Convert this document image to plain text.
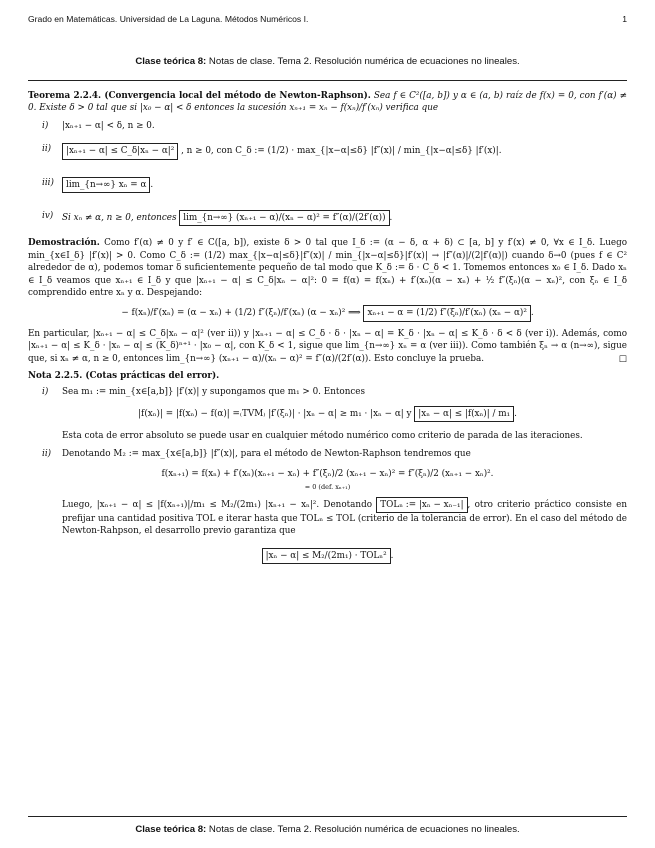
Grado en Matemáticas. Universidad de La Laguna. Métodos Numéricos I.	1
Clase teórica 8: Notas de clase. Tema 2. Resolución numérica de ecuaciones no lineales.

Teorema 2.2.4. (Convergencia local del método de Newton-Raphson). Sea f ∈ C²([a, b]) y α ∈ (a, b) raíz de f(x) = 0, con f′(α) ≠ 0. Existe δ > 0 tal que si |x₀ − α| < δ entonces la sucesión xₙ₊₁ = xₙ − f(xₙ)/f′(xₙ) verifica que

i) |xₙ₊₁ − α| < δ, n ≥ 0.
ii) |xₙ₊₁ − α| ≤ C_δ|xₙ − α|² , n ≥ 0, con C_δ := (1/2) · max_{|x−α|≤δ} |f″(x)| / min_{|x−α|≤δ} |f′(x)|.
iii) lim_{n→∞} xₙ = α .
iv) Si xₙ ≠ α, n ≥ 0, entonces lim_{n→∞} (xₙ₊₁ − α)/(xₙ − α)² = f″(α)/(2f′(α)) .

Demostración. Como f′(α) ≠ 0 y f′ ∈ C([a, b]), existe δ > 0 tal que I_δ := (α − δ, α + δ) ⊂ [a, b] y f′(x) ≠ 0, ∀x ∈ I_δ. Luego min_{x∈I_δ} |f′(x)| > 0. Como C_δ := (1/2) max_{|x−α|≤δ}|f″(x)| / min_{|x−α|≤δ}|f′(x)| → |f″(α)|/(2|f′(α)|) cuando δ→0 (pues f ∈ C² alrededor de α), podemos tomar δ suficientemente pequeño de tal modo que K_δ := δ · C_δ < 1. Tomemos entonces x₀ ∈ I_δ. Dado xₙ ∈ I_δ veamos que xₙ₊₁ ∈ I_δ y que |xₙ₊₁ − α| ≤ C_δ|xₙ − α|²: 0 = f(α) = f(xₙ) + f′(xₙ)(α − xₙ) + ½ f″(ξₙ)(α − xₙ)², con ξₙ ∈ I_δ comprendido entre xₙ y α. Despejando:

− f(xₙ)/f′(xₙ) = (α − xₙ) + (1/2) f″(ξₙ)/f′(xₙ) (α − xₙ)² ⟹ xₙ₊₁ − α = (1/2) f″(ξₙ)/f′(xₙ) (xₙ − α)² .

En particular, |xₙ₊₁ − α| ≤ C_δ|xₙ − α|² (ver ii)) y |xₙ₊₁ − α| ≤ C_δ · δ · |xₙ − α| = K_δ · |xₙ − α| ≤ K_δ · δ < δ (ver i)). Además, como |xₙ₊₁ − α| ≤ K_δ · |xₙ − α| ≤ (K_δ)ⁿ⁺¹ · |x₀ − α|, con K_δ < 1, sigue que lim_{n→∞} xₙ = α (ver iii)). Como también ξₙ → α (n→∞), sigue que, si xₙ ≠ α, n ≥ 0, entonces lim_{n→∞} (xₙ₊₁ − α)/(xₙ − α)² = f″(α)/(2f′(α)). Esto concluye la prueba.	□

Nota 2.2.5. (Cotas prácticas del error).

i) Sea m₁ := min_{x∈[a,b]} |f′(x)| y supongamos que m₁ > 0. Entonces
|f(xₙ)| = |f(xₙ) − f(α)| =₍TVM₎ |f′(ξₙ)| · |xₙ − α| ≥ m₁ · |xₙ − α| y |xₙ − α| ≤ |f(xₙ)| / m₁ .

Esta cota de error absoluto se puede usar en cualquier método numérico como criterio de parada de las iteraciones.

ii) Denotando M₂ := max_{x∈[a,b]} |f″(x)|, para el método de Newton-Raphson tendremos que
f(xₙ₊₁) = f(xₙ) + f′(xₙ)(xₙ₊₁ − xₙ) + f″(ξₙ)/2 (xₙ₊₁ − xₙ)² = f″(ξₙ)/2 (xₙ₊₁ − xₙ)².
= 0 (def. xₙ₊₁)

Luego, |xₙ₊₁ − α| ≤ |f(xₙ₊₁)|/m₁ ≤ M₂/(2m₁) |xₙ₊₁ − xₙ|². Denotando TOLₙ := |xₙ − xₙ₋₁| , otro criterio práctico consiste en prefijar una cantidad positiva TOL e iterar hasta que TOLₙ ≤ TOL (criterio de la tolerancia de error). En el caso del método de Newton-Rahpson, el desarrollo previo garantiza que

|xₙ − α| ≤ M₂/(2m₁) · TOLₙ² .
Clase teórica 8: Notas de clase. Tema 2. Resolución numérica de ecuaciones no lineales.
